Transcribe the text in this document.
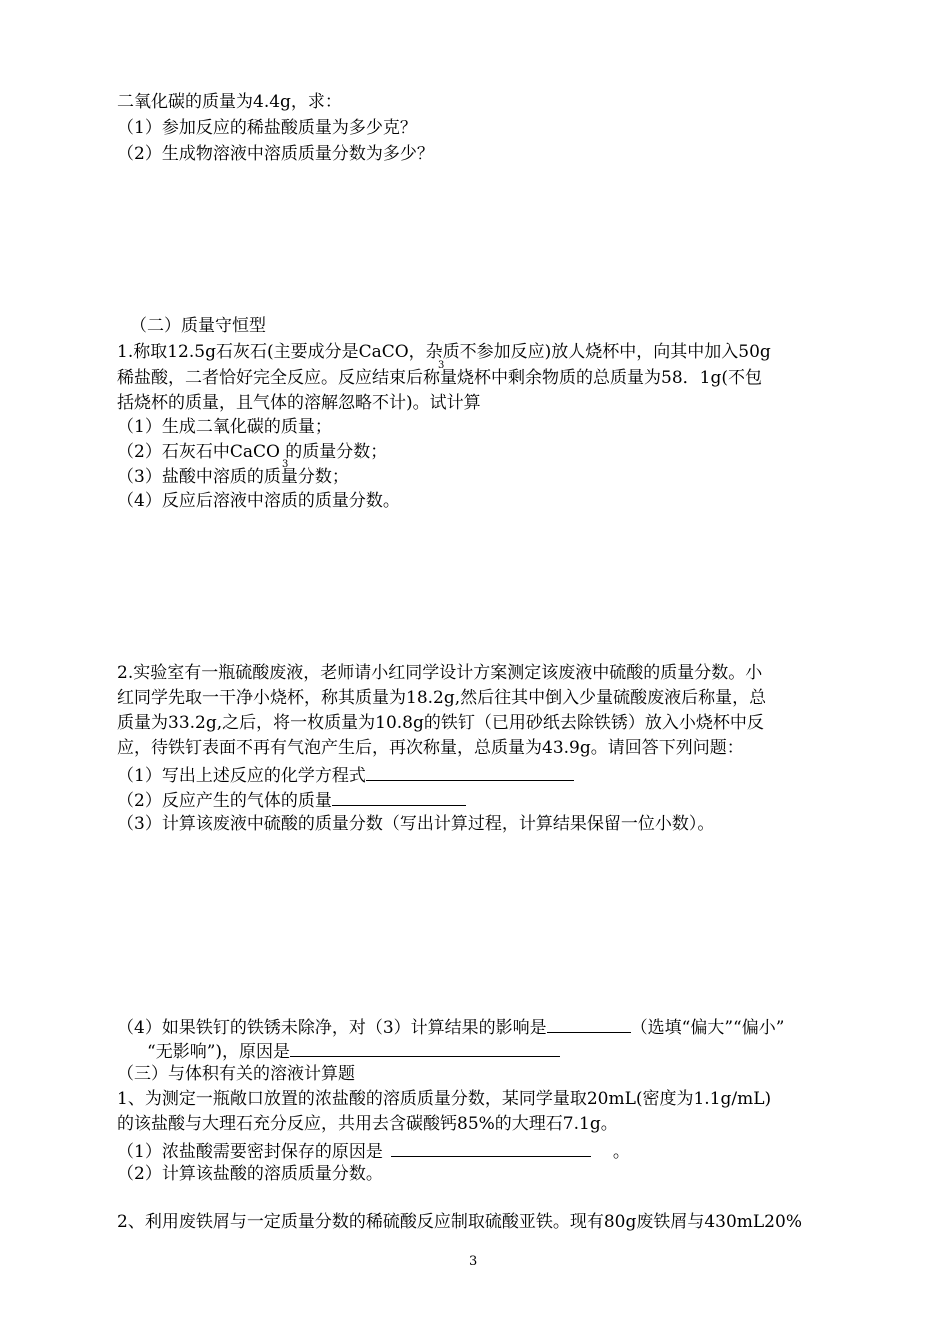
二氧化碳的质量为4.4g，求：
（1）参加反应的稀盐酸质量为多少克？
（2）生成物溶液中溶质质量分数为多少？
（二）质量守恒型
1.称取12.5g石灰石(主要成分是CaCO，杂质不参加反应)放人烧杯中，向其中加入50g
3
稀盐酸，二者恰好完全反应。反应结束后称量烧杯中剩余物质的总质量为58．1g(不包
括烧杯的质量，且气体的溶解忽略不计)。试计算
（1）生成二氧化碳的质量；
（2）石灰石中CaCO 的质量分数；
3
（3）盐酸中溶质的质量分数；
（4）反应后溶液中溶质的质量分数。
2.实验室有一瓶硫酸废液，老师请小红同学设计方案测定该废液中硫酸的质量分数。小
红同学先取一干净小烧杯，称其质量为18.2g,然后往其中倒入少量硫酸废液后称量，总
质量为33.2g,之后，将一枚质量为10.8g的铁钉（已用砂纸去除铁锈）放入小烧杯中反
应，待铁钉表面不再有气泡产生后，再次称量，总质量为43.9g。请回答下列问题：
（1）写出上述反应的化学方程式
（2）反应产生的气体的质量
（3）计算该废液中硫酸的质量分数（写出计算过程，计算结果保留一位小数）。
（4）如果铁钉的铁锈未除净，对（3）计算结果的影响是	（选填“偏大”“偏小”
“无影响”)，原因是
（三）与体积有关的溶液计算题
1、为测定一瓶敞口放置的浓盐酸的溶质质量分数，某同学量取20mL(密度为1.1g/mL)
的该盐酸与大理石充分反应，共用去含碳酸钙85%的大理石7.1g。
（1）浓盐酸需要密封保存的原因是	。
（2）计算该盐酸的溶质质量分数。
2、利用废铁屑与一定质量分数的稀硫酸反应制取硫酸亚铁。现有80g废铁屑与430mL20%
3
